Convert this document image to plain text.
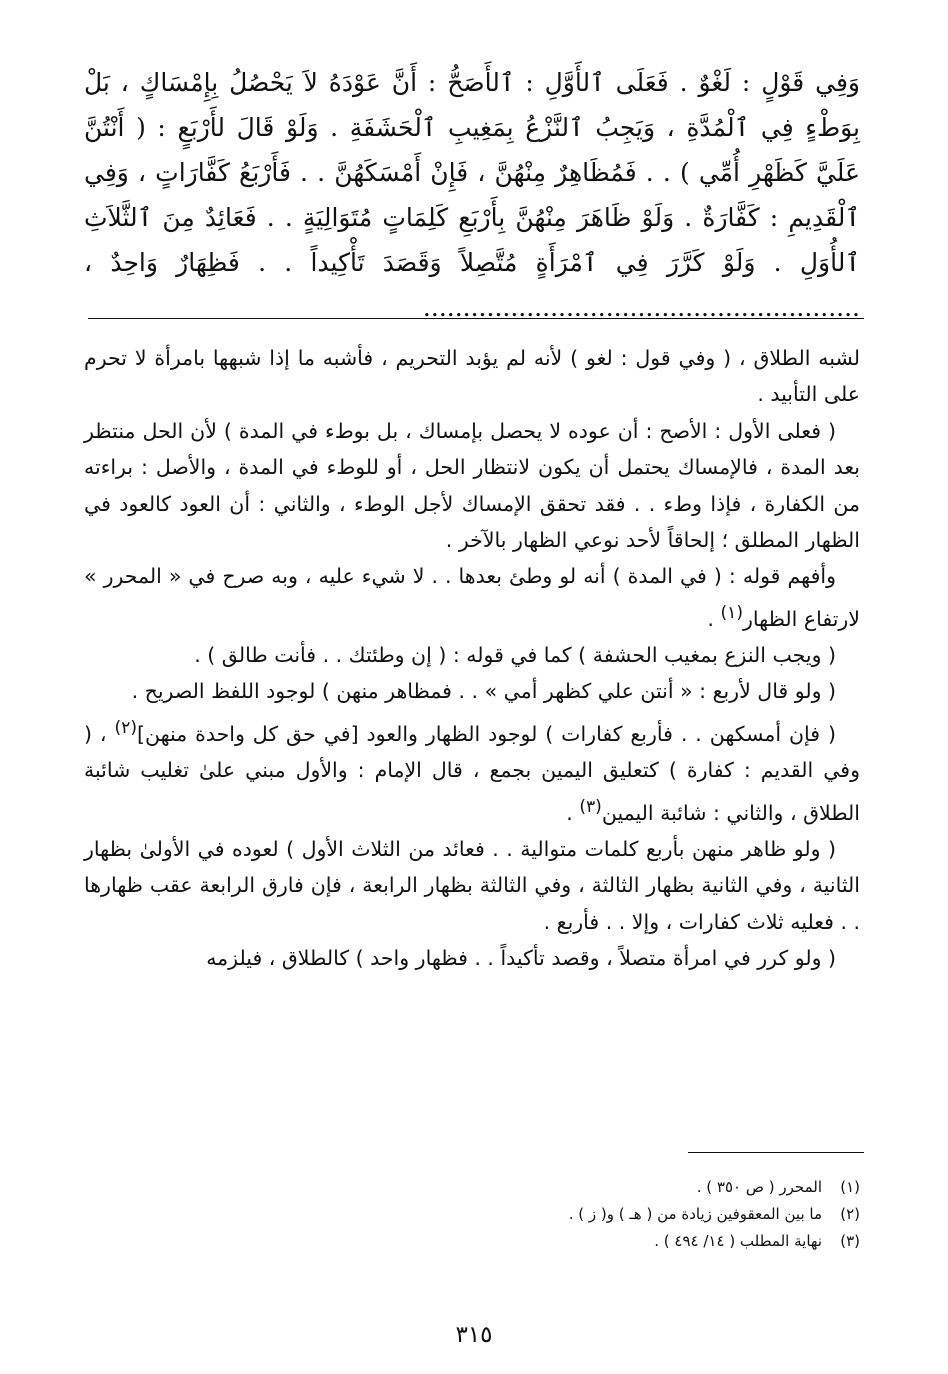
وَفِي قَوْلٍ : لَغْوٌ . فَعَلَى ٱلأَوَّلِ : ٱلأَصَحُّ : أَنَّ عَوْدَهُ لاَ يَحْصُلُ بِإِمْسَاكٍ ، بَلْ بِوَطْءٍ فِي ٱلْمُدَّةِ ، وَيَجِبُ ٱلنَّزْعُ بِمَغِيبِ ٱلْحَشَفَةِ . وَلَوْ قَالَ لأَرْبَعٍ : ( أَنْتُنَّ عَلَيَّ كَظَهْرِ أُمِّي ) . . فَمُظَاهِرٌ مِنْهُنَّ ، فَإِنْ أَمْسَكَهُنَّ . . فَأَرْبَعُ كَفَّارَاتٍ ، وَفِي ٱلْقَدِيمِ : كَفَّارَةٌ . وَلَوْ ظَاهَرَ مِنْهُنَّ بِأَرْبَعِ كَلِمَاتٍ مُتَوَالِيَةٍ . . فَعَائِدٌ مِنَ ٱلثَّلاَثِ ٱلأُوَلِ . وَلَوْ كَرَّرَ فِي ٱمْرَأَةٍ مُتَّصِلاً وَقَصَدَ تَأْكِيداً . . فَظِهَارٌ وَاحِدٌ ، .......................................................

لشبه الطلاق ، ( وفي قول : لغو ) لأنه لم يؤبد التحريم ، فأشبه ما إذا شبهها بامرأة لا تحرم على التأبيد .

( فعلى الأول : الأصح : أن عوده لا يحصل بإمساك ، بل بوطء في المدة ) لأن الحل منتظر بعد المدة ، فالإمساك يحتمل أن يكون لانتظار الحل ، أو للوطء في المدة ، والأصل : براءته من الكفارة ، فإذا وطء . . فقد تحقق الإمساك لأجل الوطء ، والثاني : أن العود كالعود في الظهار المطلق ؛ إلحاقاً لأحد نوعي الظهار بالآخر .

وأفهم قوله : ( في المدة ) أنه لو وطئ بعدها . . لا شيء عليه ، وبه صرح في « المحرر » لارتفاع الظهار$^{(١)}$ .

( ويجب النزع بمغيب الحشفة ) كما في قوله : ( إن وطئتك . . فأنت طالق ) .

( ولو قال لأربع : « أنتن علي كظهر أمي » . . فمظاهر منهن ) لوجود اللفظ الصريح .

( فإن أمسكهن . . فأربع كفارات ) لوجود الظهار والعود [في حق كل واحدة منهن]$^{(٢)}$ ، ( وفي القديم : كفارة ) كتعليق اليمين بجمع ، قال الإمام : والأول مبني علىٰ تغليب شائبة الطلاق ، والثاني : شائبة اليمين$^{(٣)}$ .

( ولو ظاهر منهن بأربع كلمات متوالية . . فعائد من الثلاث الأول ) لعوده في الأولىٰ بظهار الثانية ، وفي الثانية بظهار الثالثة ، وفي الثالثة بظهار الرابعة ، فإن فارق الرابعة عقب ظهارها . . فعليه ثلاث كفارات ، وإلا . . فأربع .

( ولو كرر في امرأة متصلاً ، وقصد تأكيداً . . فظهار واحد ) كالطلاق ، فيلزمه

(١)المحرر ( ص ٣٥٠ ) .
(٢)ما بين المعقوفين زيادة من ( هـ ) و( ز ) .
(٣)نهاية المطلب ( ١٤/ ٤٩٤ ) .
٣١٥
